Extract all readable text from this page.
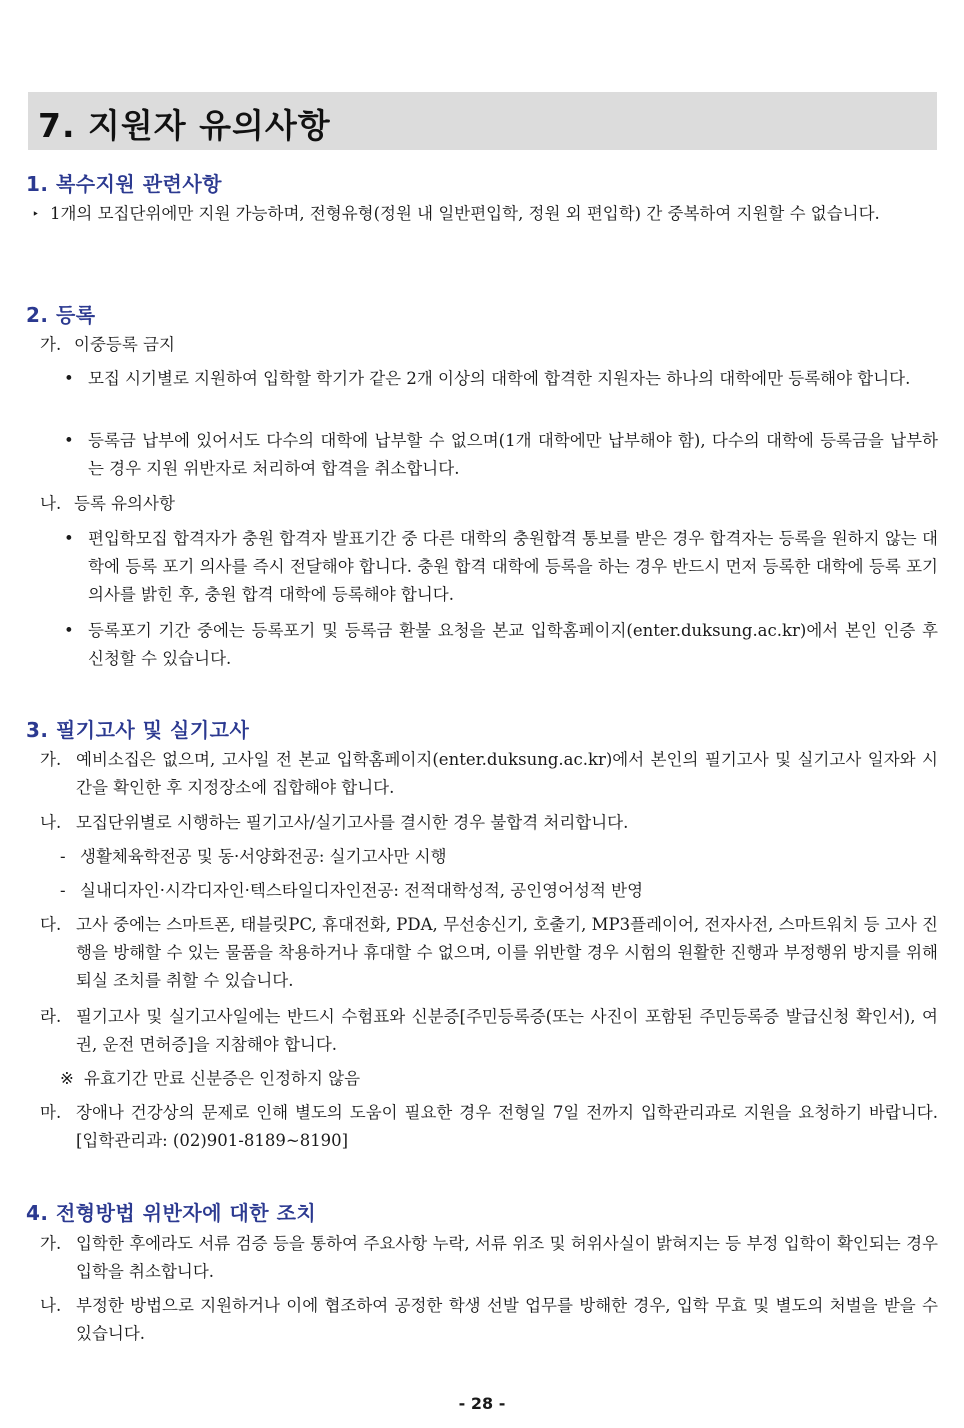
7. 지원자 유의사항
1. 복수지원 관련사항
‣ 1개의 모집단위에만 지원 가능하며, 전형유형(정원 내 일반편입학, 정원 외 편입학) 간 중복하여 지원할 수 없습니다.
2. 등록
가. 이중등록 금지
• 모집 시기별로 지원하여 입학할 학기가 같은 2개 이상의 대학에 합격한 지원자는 하나의 대학에만 등록해야 합니다.
• 등록금 납부에 있어서도 다수의 대학에 납부할 수 없으며(1개 대학에만 납부해야 함), 다수의 대학에 등록금을 납부하는 경우 지원 위반자로 처리하여 합격을 취소합니다.
나. 등록 유의사항
• 편입학모집 합격자가 충원 합격자 발표기간 중 다른 대학의 충원합격 통보를 받은 경우 합격자는 등록을 원하지 않는 대학에 등록 포기 의사를 즉시 전달해야 합니다. 충원 합격 대학에 등록을 하는 경우 반드시 먼저 등록한 대학에 등록 포기 의사를 밝힌 후, 충원 합격 대학에 등록해야 합니다.
• 등록포기 기간 중에는 등록포기 및 등록금 환불 요청을 본교 입학홈페이지(enter.duksung.ac.kr)에서 본인 인증 후 신청할 수 있습니다.
3. 필기고사 및 실기고사
가. 예비소집은 없으며, 고사일 전 본교 입학홈페이지(enter.duksung.ac.kr)에서 본인의 필기고사 및 실기고사 일자와 시간을 확인한 후 지정장소에 집합해야 합니다.
나. 모집단위별로 시행하는 필기고사/실기고사를 결시한 경우 불합격 처리합니다.
- 생활체육학전공 및 동·서양화전공: 실기고사만 시행
- 실내디자인·시각디자인·텍스타일디자인전공: 전적대학성적, 공인영어성적 반영
다. 고사 중에는 스마트폰, 태블릿PC, 휴대전화, PDA, 무선송신기, 호출기, MP3플레이어, 전자사전, 스마트워치 등 고사 진행을 방해할 수 있는 물품을 착용하거나 휴대할 수 없으며, 이를 위반할 경우 시험의 원활한 진행과 부정행위 방지를 위해 퇴실 조치를 취할 수 있습니다.
라. 필기고사 및 실기고사일에는 반드시 수험표와 신분증[주민등록증(또는 사진이 포함된 주민등록증 발급신청 확인서), 여권, 운전 면허증]을 지참해야 합니다.
※ 유효기간 만료 신분증은 인정하지 않음
마. 장애나 건강상의 문제로 인해 별도의 도움이 필요한 경우 전형일 7일 전까지 입학관리과로 지원을 요청하기 바랍니다. [입학관리과: (02)901-8189~8190]
4. 전형방법 위반자에 대한 조치
가. 입학한 후에라도 서류 검증 등을 통하여 주요사항 누락, 서류 위조 및 허위사실이 밝혀지는 등 부정 입학이 확인되는 경우 입학을 취소합니다.
나. 부정한 방법으로 지원하거나 이에 협조하여 공정한 학생 선발 업무를 방해한 경우, 입학 무효 및 별도의 처벌을 받을 수 있습니다.
- 28 -
